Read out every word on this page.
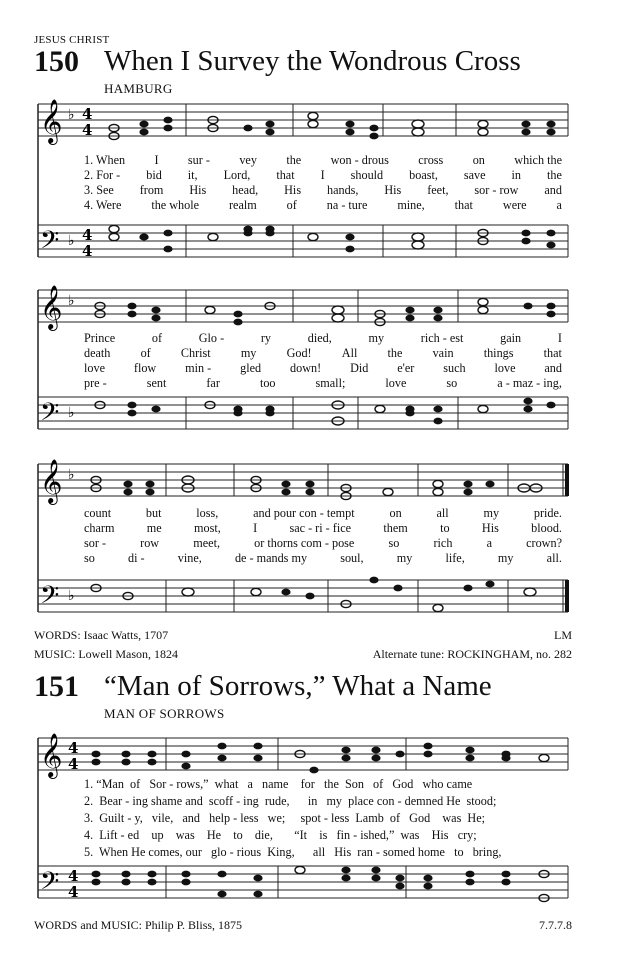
JESUS CHRIST
150 When I Survey the Wondrous Cross
HAMBURG
𝄞
𝄢
♭
♭
4
4
4
4
𝄞
𝄢
♭
♭
𝄞
𝄢
♭
♭
𝄞
𝄢
4
4
4
4
1. When I sur - vey the won - drous cross on which the
2. For - bid it, Lord, that I should boast, save in the
3. See from His head, His hands, His feet, sor - row and
4. Were the whole realm of na - ture mine, that were a
Prince	of	Glo -	ry	died,	my	rich - est	gain	I
death of Christ my God! All the vain things that
love flow min - gled down! Did e'er such love and
pre -	sent	far	too	small;	love	so	a - maz - ing,
count	but	loss,	and pour con - tempt	on	all	my	pride.
charm	me	most,	I	sac - ri - fice	them	to	His	blood.
sor -	row	meet,	or thorns com - pose	so	rich	a	crown?
so	di -	vine,	de - mands my	soul,	my	life,	my	all.
WORDS: Isaac Watts, 1707
MUSIC: Lowell Mason, 1824
LM
Alternate tune: ROCKINGHAM, no. 282
151 “Man of Sorrows,” What a Name
MAN OF SORROWS
1. “Man  of   Sor - rows,”  what   a   name    for   the  Son   of   God   who came
2.  Bear - ing shame and  scoff - ing  rude,      in   my  place con - demned He  stood;
3.  Guilt - y,   vile,   and   help - less   we;     spot - less  Lamb  of   God    was  He;
4.  Lift - ed    up    was    He    to    die,       “It    is   fin - ished,”  was    His   cry;
5.  When He comes, our   glo - rious  King,      all   His  ran - somed home   to   bring,
WORDS and MUSIC: Philip P. Bliss, 1875	7.7.7.8
